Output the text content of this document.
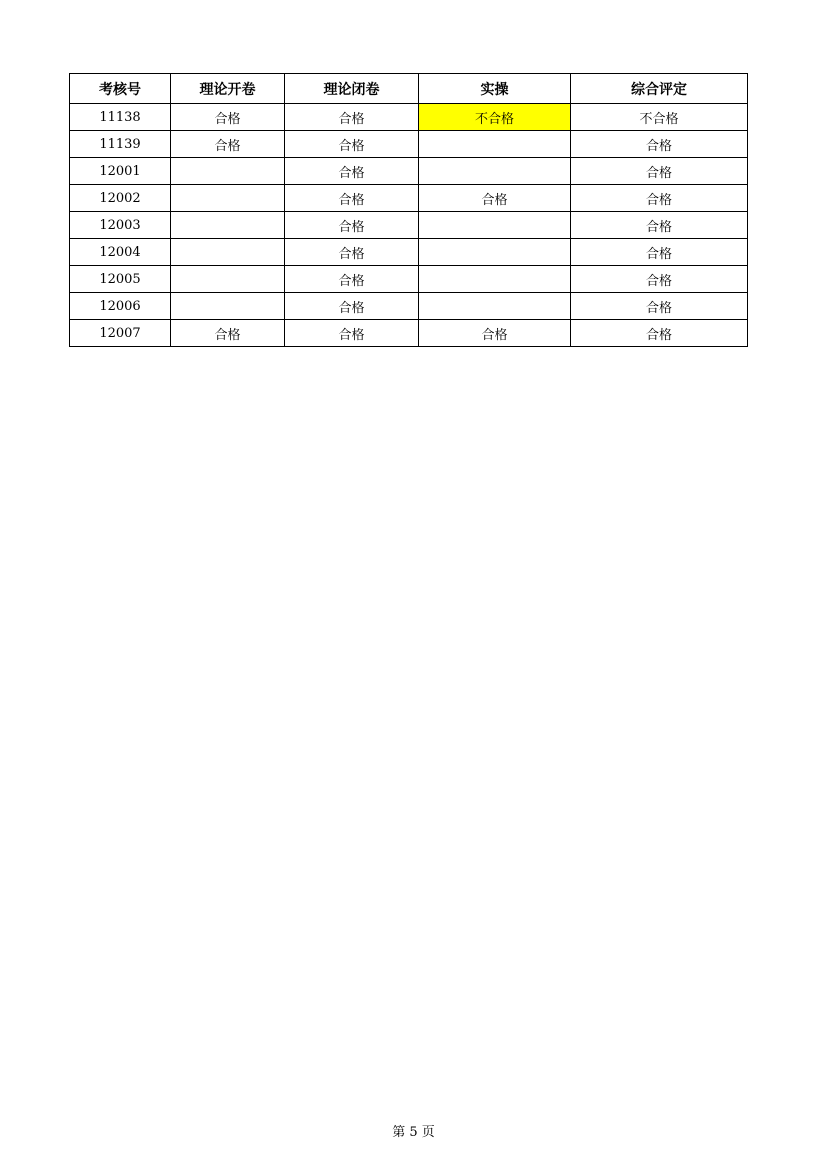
考核号	理论开卷	理论闭卷	实操	综合评定
11138	合格	合格	不合格	不合格
11139	合格	合格		合格
12001		合格		合格
12002		合格	合格	合格
12003		合格		合格
12004		合格		合格
12005		合格		合格
12006		合格		合格
12007	合格	合格	合格	合格
第 5 页
